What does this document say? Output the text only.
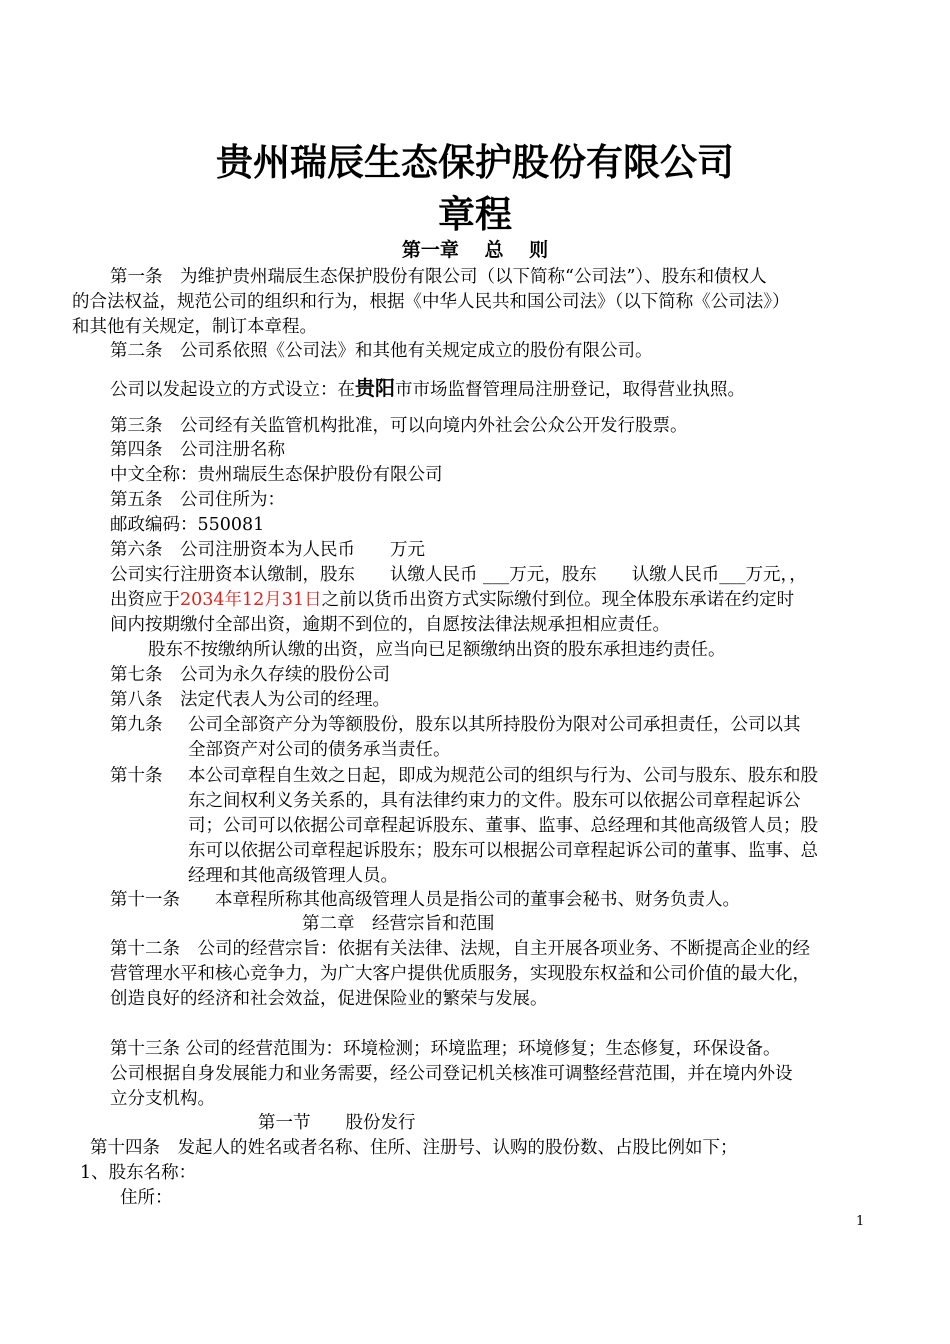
贵州瑞辰生态保护股份有限公司
章程
第一章　 总　 则
第一条　为维护贵州瑞辰生态保护股份有限公司（以下简称“公司法”）、股东和债权人
的合法权益，规范公司的组织和行为，根据《中华人民共和国公司法》（以下简称《公司法》）
和其他有关规定，制订本章程。
第二条　公司系依照《公司法》和其他有关规定成立的股份有限公司。
公司以发起设立的方式设立：在贵阳市市场监督管理局注册登记，取得营业执照。
第三条　公司经有关监管机构批准，可以向境内外社会公众公开发行股票。
第四条　公司注册名称
中文全称：贵州瑞辰生态保护股份有限公司
第五条　公司住所为：
邮政编码：550081
第六条　公司注册资本为人民币　　万元
公司实行注册资本认缴制，股东　　认缴人民币 ___万元，股东　　认缴人民币___万元，，
出资应于2034年12月31日之前以货币出资方式实际缴付到位。现全体股东承诺在约定时
间内按期缴付全部出资，逾期不到位的，自愿按法律法规承担相应责任。
股东不按缴纳所认缴的出资，应当向已足额缴纳出资的股东承担违约责任。
第七条　公司为永久存续的股份公司
第八条　法定代表人为公司的经理。
第九条 公司全部资产分为等额股份，股东以其所持股份为限对公司承担责任，公司以其
全部资产对公司的债务承当责任。
第十条 本公司章程自生效之日起，即成为规范公司的组织与行为、公司与股东、股东和股
东之间权利义务关系的，具有法律约束力的文件。股东可以依据公司章程起诉公
司；公司可以依据公司章程起诉股东、董事、监事、总经理和其他高级管人员；股
东可以依据公司章程起诉股东；股东可以根据公司章程起诉公司的董事、监事、总
经理和其他高级管理人员。
第十一条　　本章程所称其他高级管理人员是指公司的董事会秘书、财务负责人。
第二章　经营宗旨和范围
第十二条　公司的经营宗旨：依据有关法律、法规，自主开展各项业务、不断提高企业的经
营管理水平和核心竞争力，为广大客户提供优质服务，实现股东权益和公司价值的最大化，
创造良好的经济和社会效益，促进保险业的繁荣与发展。
第十三条 公司的经营范围为：环境检测；环境监理；环境修复；生态修复，环保设备。
公司根据自身发展能力和业务需要，经公司登记机关核准可调整经营范围，并在境内外设
立分支机构。
第一节　　股份发行
第十四条　发起人的姓名或者名称、住所、注册号、认购的股份数、占股比例如下；
1、股东名称：
住所：
1
